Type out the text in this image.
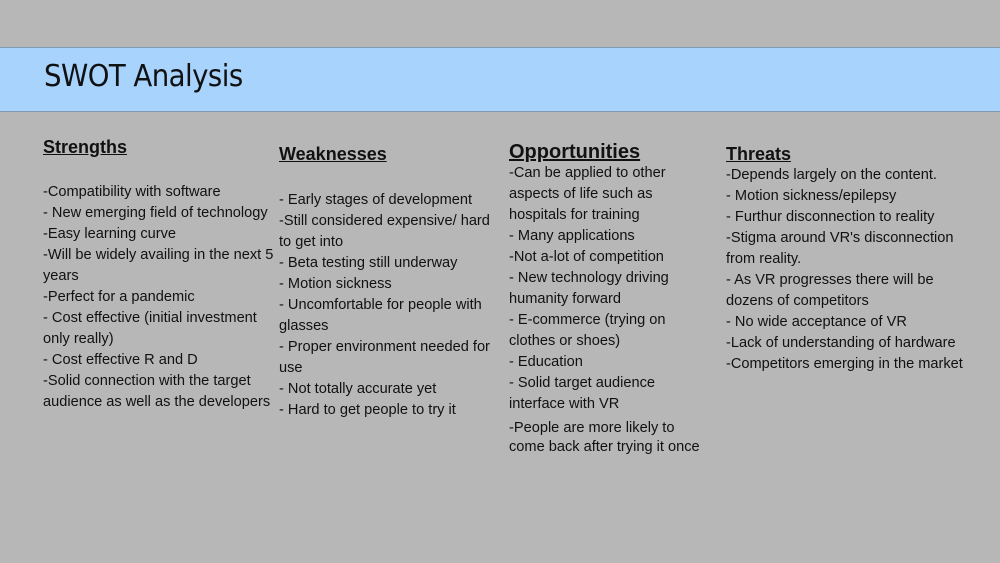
SWOT Analysis
Strengths
-Compatibility with software
- New emerging field of technology
-Easy learning curve
-Will be widely availing in the next 5 years
-Perfect for a pandemic
- Cost effective (initial investment only really)
- Cost effective R and D
-Solid connection with the target audience as well as the developers
Weaknesses
- Early stages of development
-Still considered expensive/ hard to get into
- Beta testing still underway
- Motion sickness
- Uncomfortable for people with glasses
- Proper environment needed for use
- Not totally accurate yet
- Hard to get people to try it
Opportunities
-Can be applied to other aspects of life such as hospitals for training
- Many applications
-Not a-lot of competition
- New technology driving humanity forward
- E-commerce (trying on clothes or shoes)
- Education
- Solid target audience interface with VR
-People are more likely to come back after trying it once
Threats
-Depends largely on the content.
- Motion sickness/epilepsy
- Furthur disconnection to reality
-Stigma around VR's disconnection from reality.
- As VR progresses there will be dozens of competitors
- No wide acceptance of VR
-Lack of understanding of hardware
-Competitors emerging in the market
